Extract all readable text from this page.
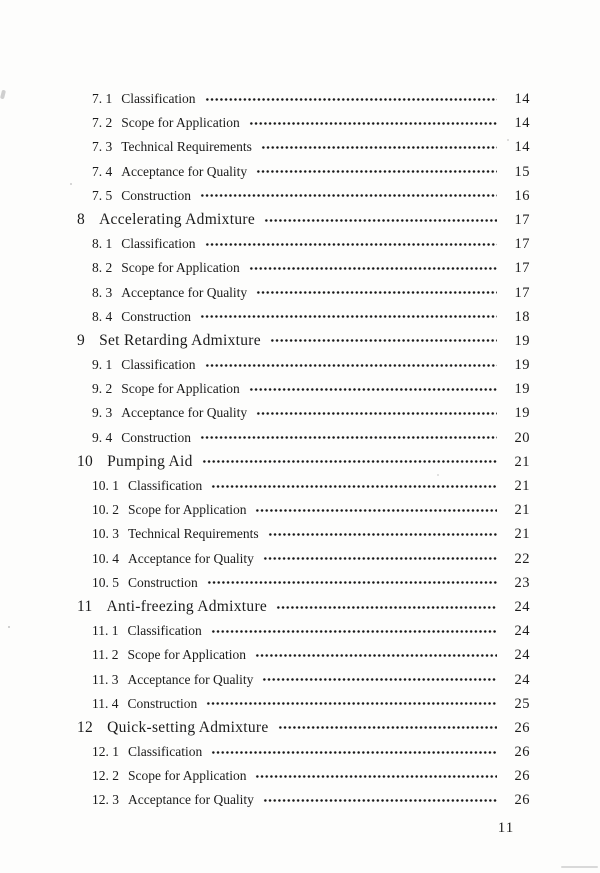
7. 1 Classification	14
7. 2 Scope for Application	14
7. 3 Technical Requirements	14
7. 4 Acceptance for Quality	15
7. 5 Construction	16
8 Accelerating Admixture	17
8. 1 Classification	17
8. 2 Scope for Application	17
8. 3 Acceptance for Quality	17
8. 4 Construction	18
9 Set Retarding Admixture	19
9. 1 Classification	19
9. 2 Scope for Application	19
9. 3 Acceptance for Quality	19
9. 4 Construction	20
10 Pumping Aid	21
10. 1 Classification	21
10. 2 Scope for Application	21
10. 3 Technical Requirements	21
10. 4 Acceptance for Quality	22
10. 5 Construction	23
11 Anti-freezing Admixture	24
11. 1 Classification	24
11. 2 Scope for Application	24
11. 3 Acceptance for Quality	24
11. 4 Construction	25
12 Quick-setting Admixture	26
12. 1 Classification	26
12. 2 Scope for Application	26
12. 3 Acceptance for Quality	26
11
